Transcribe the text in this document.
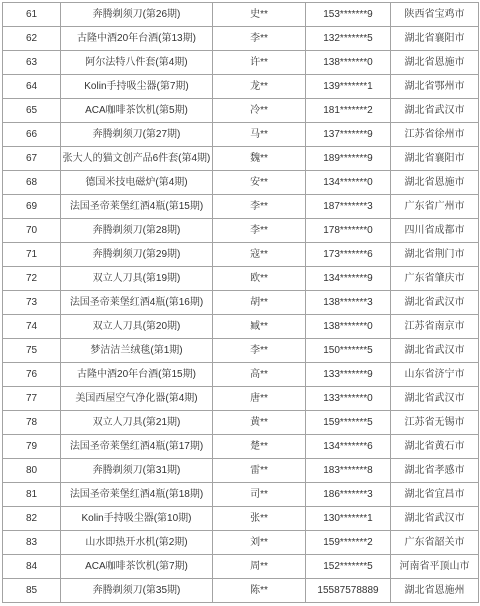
61	奔腾剃须刀(第26期)	史**	153*******9	陕西省宝鸡市
62	古隆中酒20年台酒(第13期)	李**	132*******5	湖北省襄阳市
63	阿尔法特八件套(第4期)	许**	138*******0	湖北省恩施市
64	Kolin手持吸尘器(第7期)	龙**	139*******1	湖北省鄂州市
65	ACA咖啡茶饮机(第5期)	冷**	181*******2	湖北省武汉市
66	奔腾剃须刀(第27期)	马**	137*******9	江苏省徐州市
67	张大人的猫文创产品6件套(第4期)	魏**	189*******9	湖北省襄阳市
68	德国米技电磁炉(第4期)	安**	134*******0	湖北省恩施市
69	法国圣帝莱堡红酒4瓶(第15期)	李**	187*******3	广东省广州市
70	奔腾剃须刀(第28期)	李**	178*******0	四川省成都市
71	奔腾剃须刀(第29期)	寇**	173*******6	湖北省荆门市
72	双立人刀具(第19期)	欧**	134*******9	广东省肇庆市
73	法国圣帝莱堡红酒4瓶(第16期)	胡**	138*******3	湖北省武汉市
74	双立人刀具(第20期)	臧**	138*******0	江苏省南京市
75	梦洁洁兰绒毯(第1期)	李**	150*******5	湖北省武汉市
76	古隆中酒20年台酒(第15期)	高**	133*******9	山东省济宁市
77	美国西屋空气净化器(第4期)	唐**	133*******0	湖北省武汉市
78	双立人刀具(第21期)	黄**	159*******5	江苏省无锡市
79	法国圣帝莱堡红酒4瓶(第17期)	楚**	134*******6	湖北省黄石市
80	奔腾剃须刀(第31期)	雷**	183*******8	湖北省孝感市
81	法国圣帝莱堡红酒4瓶(第18期)	司**	186*******3	湖北省宜昌市
82	Kolin手持吸尘器(第10期)	张**	130*******1	湖北省武汉市
83	山水即热开水机(第2期)	刘**	159*******2	广东省韶关市
84	ACA咖啡茶饮机(第7期)	周**	152*******5	河南省平顶山市
85	奔腾剃须刀(第35期)	陈**	15587578889	湖北省恩施州
